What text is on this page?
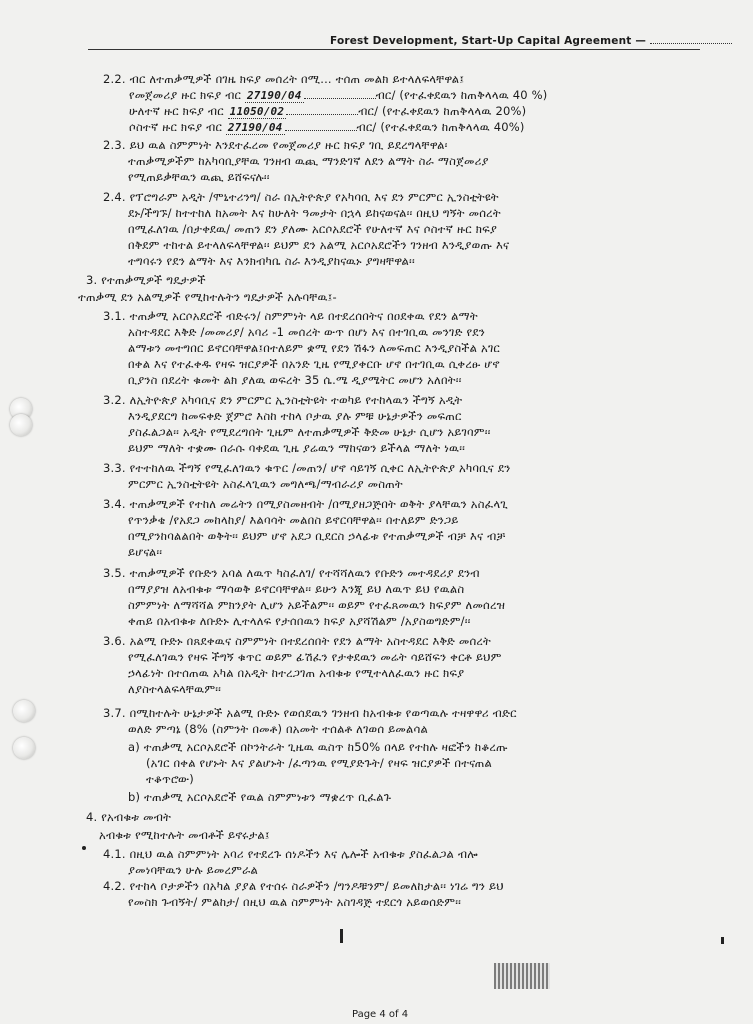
Forest Development, Start-Up Capital Agreement —
2.2. ብር ለተጠቃሚዎች በገዜ ክፍያ መሰረት በሚ... ተሰጠ መልክ ይተላለፍላቸዋል፤
የመጀመሪያ ዙር ክፍያ ብር 27190/04	ብር/ (የተፈቀደዉን ከጠቅላላዉ 40 %)
ሁለተኛ ዙር ክፍያ ብር 11050/02	ብር/ (የተፈቀደዉን ከጠቅላላዉ 20%)
ሶስተኛ ዙር ክፍያ ብር 27190/04	ብር/ (የተፈቀደዉን ከጠቅላላዉ 40%)
2.3. ይህ ዉል ስምምነት እንደተፈረመ የመጀመሪያ ዙር ክፍያ ገቢ ይደረግላቸዋል፡
ተጠቃሚዎችም ከአካባቢያቸዉ ገንዘብ ዉጪ ማንድገኛ ለደን ልማት ስራ ማስጀመሪያ
የሚጠይቃቸዉን ዉጪ ይሸፍናሉ፡፡
2.4. የፕሮግራም አዲት /ሞኒተሪንግ/ ስራ በኢትዮጵያ የአካባቢ እና ደን ምርምር ኢንስቲትዩት
ደኑ/ችግኙ/ ከተተከለ ከአመት እና ከሁለት ዓመታት በኋላ ይከናወናል፡፡ በዚህ ግኝት መሰረት
በሚፈለገዉ /በታቀደዉ/ መጠን ደን ያለሙ አርሶአደሮች የሁለተኛ እና ሶስተኛ ዙር ክፍያ
በቅደም ተከተል ይተላለፍላቸዋል፡፡ ይህም ደን አልሚ አርሶአደሮችን ገንዘብ እንዲያወጡ እና
ተግባሩን የደን ልማት እና እንክብካቤ ስራ እንዲያከናዉኑ ያግዛቸዋል፡፡
3. የተጠቃሚዎች ግዴታዎች
ተጠቃሚ ደን አልሚዎች የሚከተሉትን ግዴታዎች አሉባቸዉ፤-
3.1. ተጠቃሚ አርሶአደሮች ብድሩን/ ስምምነት ላይ በተደረሰበትና በዐደቀዉ የደን ልማት
አስተዳደር እቅድ /መመሪያ/ አባሪ -1 መሰረት ውጥ በሆነ እና በተገቢዉ መንገድ የደን
ልማቱን መተግበር ይኖርባቸዋል፤በተለይም ቋሚ የደን ሽፋን ለመፍጠር እንዲያስችል አገር
በቀል እና የተፈቀዱ የዛፍ ዝርያዎች በአንድ ጊዜ የሚያቀርቡ ሆኖ በተገቢዉ ሲቀረፁ ሆኖ
ቢያንስ በደረት ቁመት ልክ ያለዉ ወፍረት 35 ሴ.ሜ ዲያሜትር መሆን አለበት፡፡
3.2. ለኢትዮጵያ አካባቢና ደን ምርምር ኢንስቲትዩት ተወካይ የተከላዉን ችግኝ አዲት
እንዲያደርግ ከመፍቀድ ጀምሮ እስከ ተከላ ቦታዉ ያሉ ምቹ ሁኔታዎችን መፍጠር
ያስፈልጋል፡፡ አዲት የሚደረግበት ጊዜም ለተጠቃሚዎች ቅድመ ሁኔታ ሲሆን አይገባም፡፡
ይህም ማለት ተቋሙ በራሱ ባቀደዉ ጊዜ ያሬዉን ማከናወን ይችላል ማለት ነዉ፡፡
3.3. የተተከለዉ ችግኝ የሚፈለገዉን ቁጥር /መጠን/ ሆኖ ሳይገኝ ሲቀር ለኢትዮጵያ አካባቢና ደን
ምርምር ኢንስቲትዩት አስፈላጊዉን መግለጫ/ማብራሪያ መስጠት
3.4. ተጠቃሚዎች የተከለ መሬትን በሚያስመዘብት /በሚያዘጋጅበት ወቅት ያላቸዉን አስፈላጊ
የጥንቃቄ /የአደጋ መከላከያ/ እልባሳት መልበስ ይኖርባቸዋል፡፡ በተለይም ድንጋይ
በሚያንከባልልበት ወቅት፡፡ ይህም ሆኖ አደጋ ቢደርስ ኃላፊቱ የተጠቃሚዎች ብቻ እና ብቻ
ይሆናል፡፡
3.5. ተጠቃሚዎች የቡድን አባል ለዉጥ ካስፈለገ/ የተሻሻለዉን የቡድን መተዳደሪያ ደንብ
በማያያዝ ለአብቁቱ ማሳወቅ ይኖርባቸዋል፡፡ ይሁን እንጂ ይህ ለዉጥ ይህ የዉልስ
ስምምነት ለማሻሻል ምክንያት ሊሆን አይችልም፡፡ ወይም የተፈጸመዉን ክፍያም ለመሰረዝ
ቀጠይ በአብቁቱ ለቡድኑ ሊተላለፍ የታሰበዉን ክፍያ አያሻሽልም /አያስወግድም/፡፡
3.6. አልሚ ቡድኑ በጸደቀዉና ስምምነት በተደረሰበት የደን ልማት አስተዳደር እቅድ መሰረት
የሚፈለገዉን የዛፍ ችግኝ ቁጥር ወይም ፊሽፈን የታቀደዉን መሬት ሳይሸፍን ቀርቶ ይህም
ኃላፊነት በተሰጠዉ አካል በአዲት ከተረጋገጠ አብቁቱ የሚተላለፈዉን ዙር ክፍያ
ለያስተላልፍላቸዉም፡፡
3.7. በሚከተሉት ሁኔታዎች አልሚ ቡድኑ የወሰደዉን ገንዘብ ከአብቁቱ የወጣዉሉ ተዛዋዋሪ ብድር
ወለድ ምጣኔ (8% (ስምንት በመቶ) በአመት ተሰልቶ ለገወሰ ይመልሳል
a) ተጠቃሚ አርሶአደሮች በኮንትራት ጊዜዉ ዉስጥ ከ50% በላይ የተከሉ ዛፎችን ከቆረጡ
(አገር በቀል የሆኑት እና ያልሆኑት /ፈጣንዉ የሚያድጉት/ የዛፍ ዝርያዎች በተናጠል
ተቆጥሮው)
b) ተጠቃሚ አርሶአደሮች የዉል ስምምነቱን ማቋረጥ ቢፈልጉ
4. የአብቁቱ መብት
አብቁቱ የሚከተሉት መብቶች ይኖሩታል፤
4.1. በዚህ ዉል ስምምነት አባሪ የተደረጉ ሰነዶችን እና ሌሎች አብቁቱ ያስፈልጋል ብሎ
ያመነባቸዉን ሁሉ ይመረምራል
4.2. የተከላ ቦታዎችን በአካል ያያል የተሰሩ ስራዎችን /ግንዶቹንም/ ይመለከታል፡፡ ነገሬ ግን ይህ
የመስክ ጉብኝት/ ምልከታ/ በዚህ ዉል ስምምነት አስገዳጅ ተደርጎ አይወሰድም፡፡
Page 4 of 4
